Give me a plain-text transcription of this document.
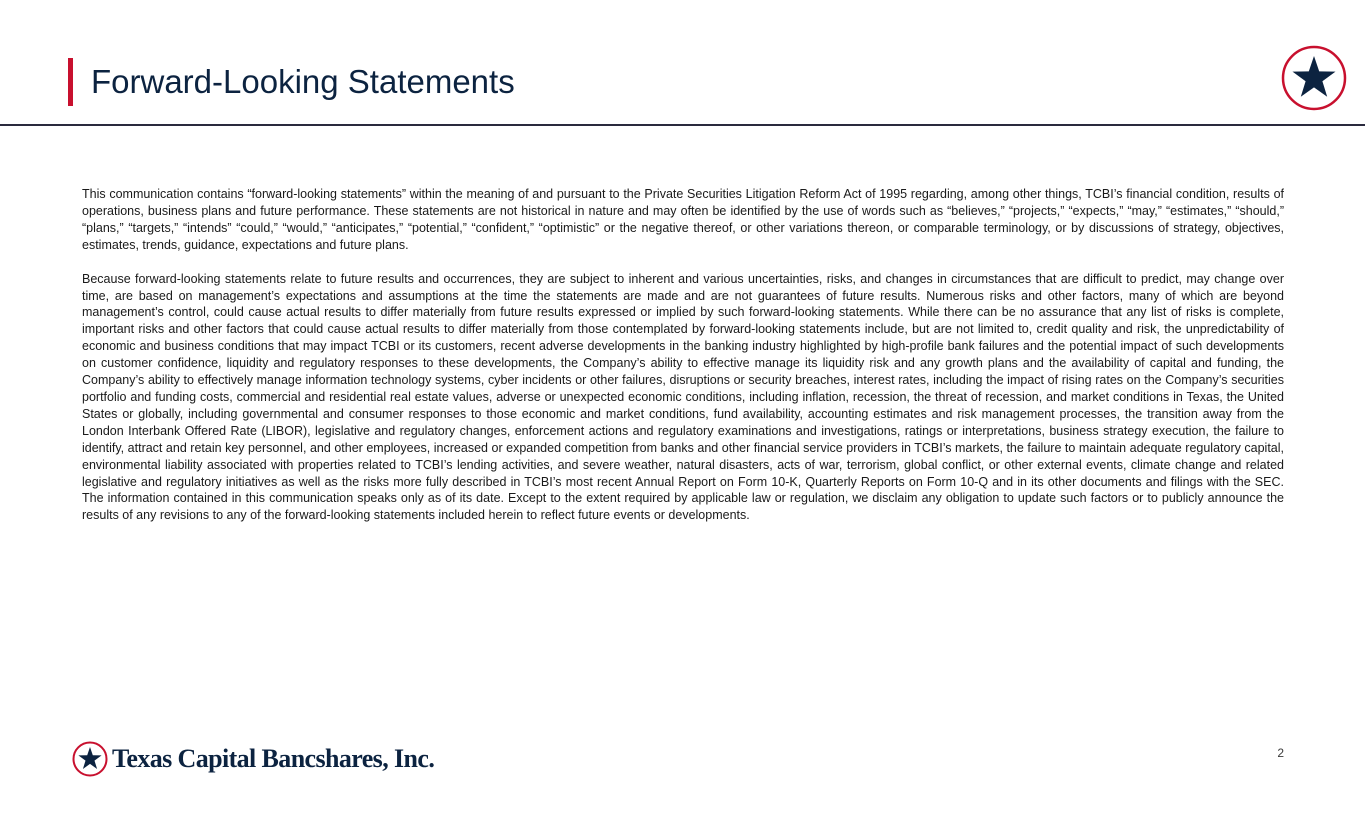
Forward-Looking Statements

This communication contains “forward-looking statements” within the meaning of and pursuant to the Private Securities Litigation Reform Act of 1995 regarding, among other things, TCBI’s financial condition, results of operations, business plans and future performance. These statements are not historical in nature and may often be identified by the use of words such as “believes,” “projects,” “expects,” “may,” “estimates,” “should,” “plans,” “targets,” “intends” “could,” “would,” “anticipates,” “potential,” “confident,” “optimistic” or the negative thereof, or other variations thereon, or comparable terminology, or by discussions of strategy, objectives, estimates, trends, guidance, expectations and future plans.

Because forward-looking statements relate to future results and occurrences, they are subject to inherent and various uncertainties, risks, and changes in circumstances that are difficult to predict, may change over time, are based on management’s expectations and assumptions at the time the statements are made and are not guarantees of future results. Numerous risks and other factors, many of which are beyond management’s control, could cause actual results to differ materially from future results expressed or implied by such forward-looking statements. While there can be no assurance that any list of risks is complete, important risks and other factors that could cause actual results to differ materially from those contemplated by forward-looking statements include, but are not limited to, credit quality and risk, the unpredictability of economic and business conditions that may impact TCBI or its customers, recent adverse developments in the banking industry highlighted by high-profile bank failures and the potential impact of such developments on customer confidence, liquidity and regulatory responses to these developments, the Company’s ability to effective manage its liquidity risk and any growth plans and the availability of capital and funding, the Company’s ability to effectively manage information technology systems, cyber incidents or other failures, disruptions or security breaches, interest rates, including the impact of rising rates on the Company’s securities portfolio and funding costs, commercial and residential real estate values, adverse or unexpected economic conditions, including inflation, recession, the threat of recession, and market conditions in Texas, the United States or globally, including governmental and consumer responses to those economic and market conditions, fund availability, accounting estimates and risk management processes, the transition away from the London Interbank Offered Rate (LIBOR), legislative and regulatory changes, enforcement actions and regulatory examinations and investigations, ratings or interpretations, business strategy execution, the failure to identify, attract and retain key personnel, and other employees, increased or expanded competition from banks and other financial service providers in TCBI’s markets, the failure to maintain adequate regulatory capital, environmental liability associated with properties related to TCBI’s lending activities, and severe weather, natural disasters, acts of war, terrorism, global conflict, or other external events, climate change and related legislative and regulatory initiatives as well as the risks more fully described in TCBI’s most recent Annual Report on Form 10-K, Quarterly Reports on Form 10-Q and in its other documents and filings with the SEC. The information contained in this communication speaks only as of its date. Except to the extent required by applicable law or regulation, we disclaim any obligation to update such factors or to publicly announce the results of any revisions to any of the forward-looking statements included herein to reflect future events or developments.

Texas Capital Bancshares, Inc.	2
